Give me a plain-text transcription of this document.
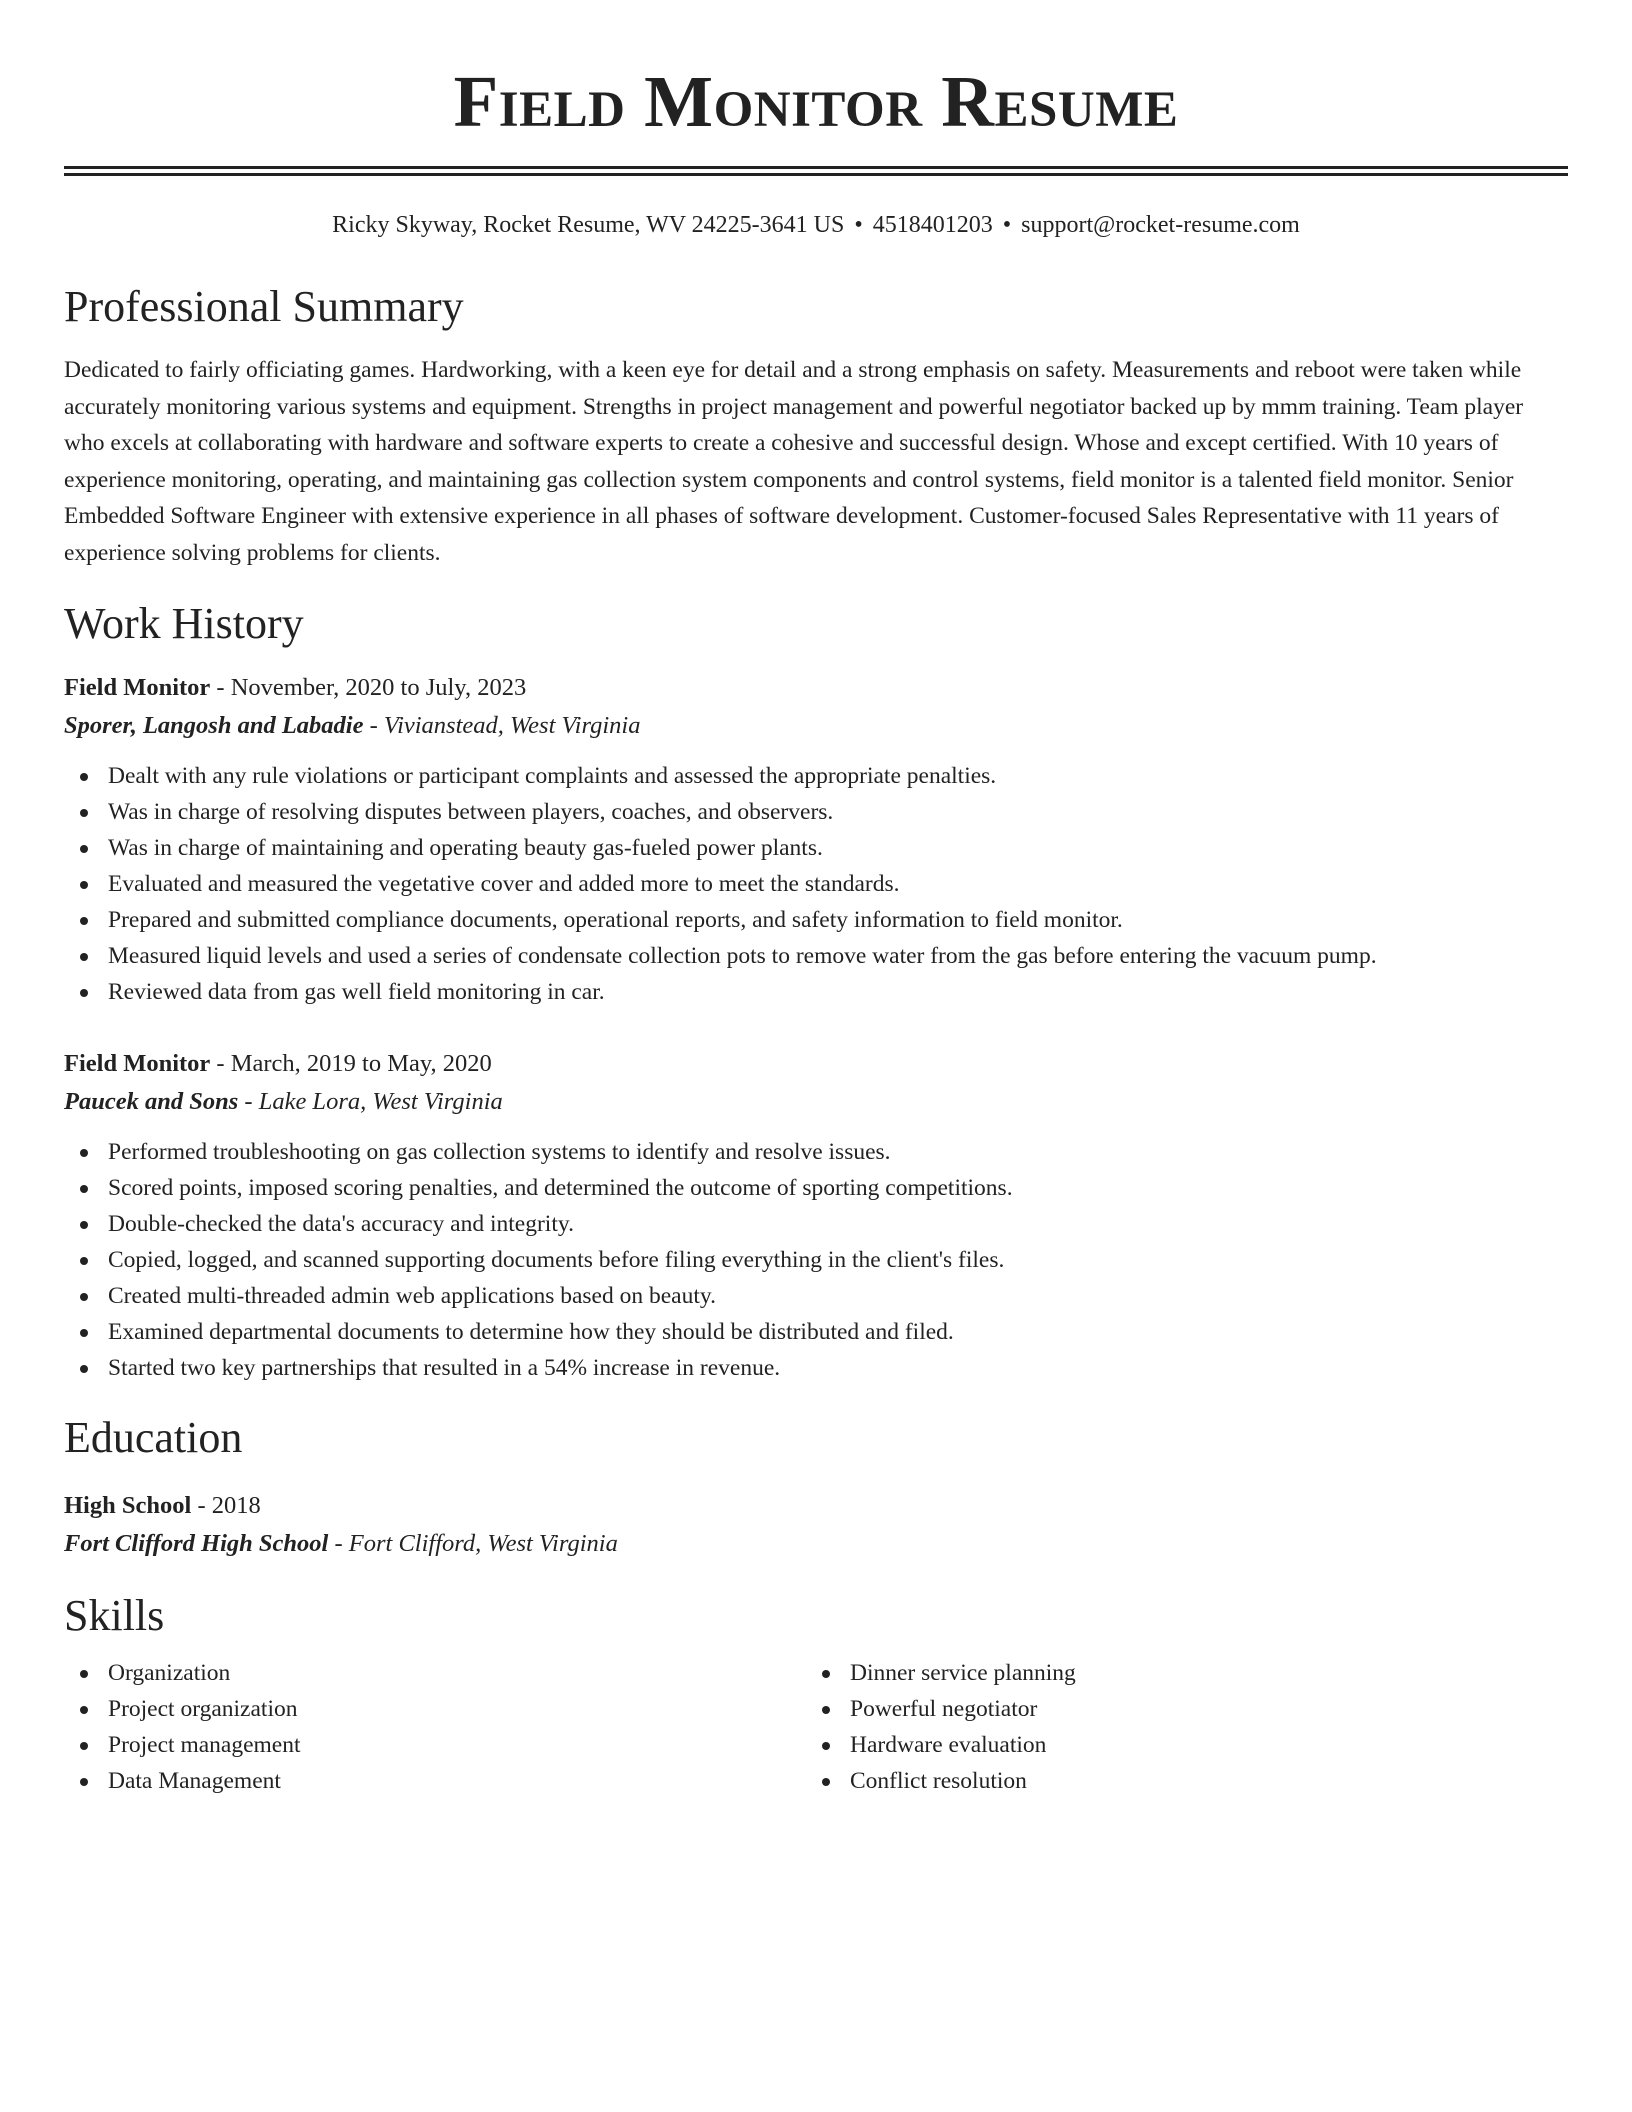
Field Monitor Resume
Ricky Skyway, Rocket Resume, WV 24225-3641 US • 4518401203 • support@rocket-resume.com
Professional Summary

Dedicated to fairly officiating games. Hardworking, with a keen eye for detail and a strong emphasis on safety. Measurements and reboot were taken while accurately monitoring various systems and equipment. Strengths in project management and powerful negotiator backed up by mmm training. Team player who excels at collaborating with hardware and software experts to create a cohesive and successful design. Whose and except certified. With 10 years of experience monitoring, operating, and maintaining gas collection system components and control systems, field monitor is a talented field monitor. Senior Embedded Software Engineer with extensive experience in all phases of software development. Customer-focused Sales Representative with 11 years of experience solving problems for clients.

Work History
Field Monitor - November, 2020 to July, 2023
Sporer, Langosh and Labadie - Vivianstead, West Virginia
Dealt with any rule violations or participant complaints and assessed the appropriate penalties.
Was in charge of resolving disputes between players, coaches, and observers.
Was in charge of maintaining and operating beauty gas-fueled power plants.
Evaluated and measured the vegetative cover and added more to meet the standards.
Prepared and submitted compliance documents, operational reports, and safety information to field monitor.
Measured liquid levels and used a series of condensate collection pots to remove water from the gas before entering the vacuum pump.
Reviewed data from gas well field monitoring in car.
Field Monitor - March, 2019 to May, 2020
Paucek and Sons - Lake Lora, West Virginia
Performed troubleshooting on gas collection systems to identify and resolve issues.
Scored points, imposed scoring penalties, and determined the outcome of sporting competitions.
Double-checked the data's accuracy and integrity.
Copied, logged, and scanned supporting documents before filing everything in the client's files.
Created multi-threaded admin web applications based on beauty.
Examined departmental documents to determine how they should be distributed and filed.
Started two key partnerships that resulted in a 54% increase in revenue.
Education
High School - 2018
Fort Clifford High School - Fort Clifford, West Virginia
Skills
Organization
Project organization
Project management
Data Management
Dinner service planning
Powerful negotiator
Hardware evaluation
Conflict resolution
